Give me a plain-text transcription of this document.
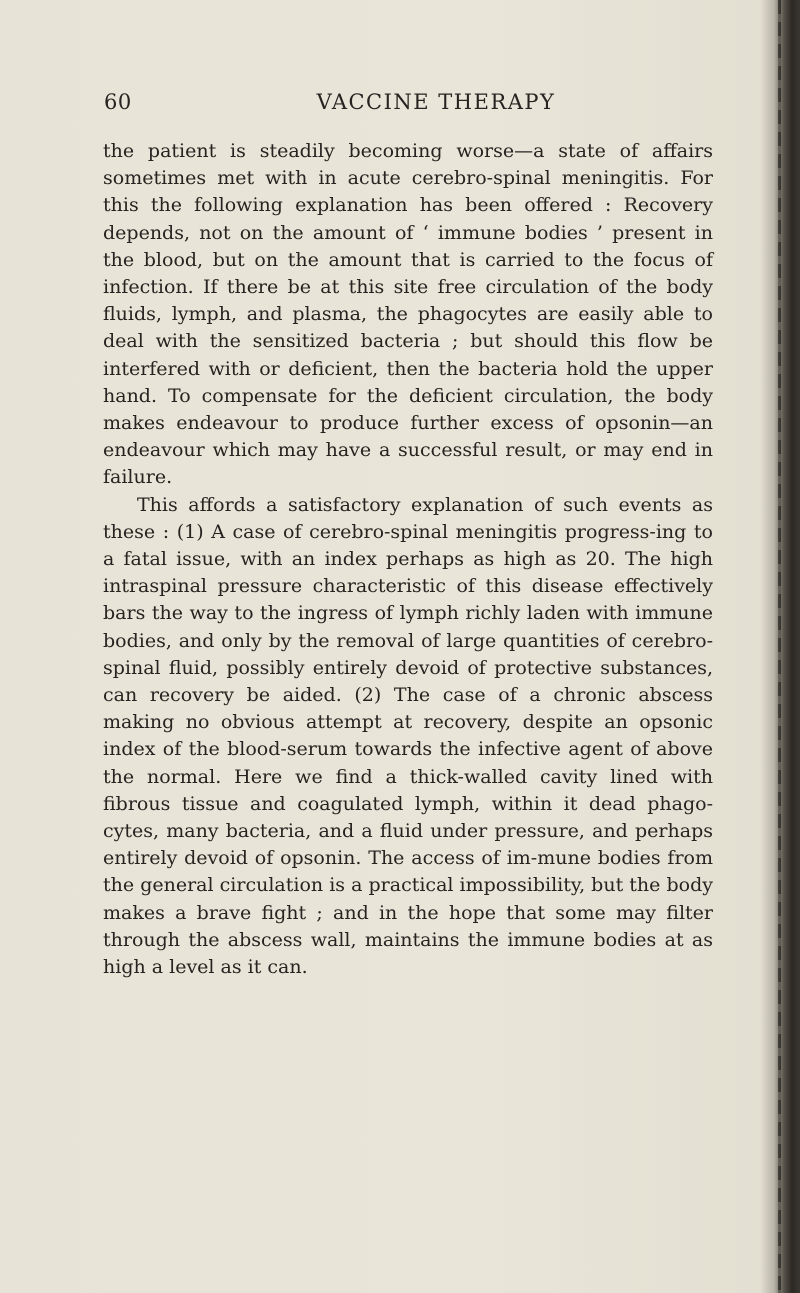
60	VACCINE THERAPY

the patient is steadily becoming worse—a state of affairs sometimes met with in acute cerebro-spinal meningitis. For this the following explanation has been offered : Recovery depends, not on the amount of ‘ immune bodies ’ present in the blood, but on the amount that is carried to the focus of infection. If there be at this site free circulation of the body fluids, lymph, and plasma, the phagocytes are easily able to deal with the sensitized bacteria ; but should this flow be interfered with or deficient, then the bacteria hold the upper hand. To compensate for the deficient circulation, the body makes endeavour to produce further excess of opsonin—an endeavour which may have a successful result, or may end in failure.

This affords a satisfactory explanation of such events as these : (1) A case of cerebro-spinal meningitis progress-ing to a fatal issue, with an index perhaps as high as 20. The high intraspinal pressure characteristic of this disease effectively bars the way to the ingress of lymph richly laden with immune bodies, and only by the removal of large quantities of cerebro-spinal fluid, possibly entirely devoid of protective substances, can recovery be aided. (2) The case of a chronic abscess making no obvious attempt at recovery, despite an opsonic index of the blood-serum towards the infective agent of above the normal. Here we find a thick-walled cavity lined with fibrous tissue and coagulated lymph, within it dead phago-cytes, many bacteria, and a fluid under pressure, and perhaps entirely devoid of opsonin. The access of im-mune bodies from the general circulation is a practical impossibility, but the body makes a brave fight ; and in the hope that some may filter through the abscess wall, maintains the immune bodies at as high a level as it can.
